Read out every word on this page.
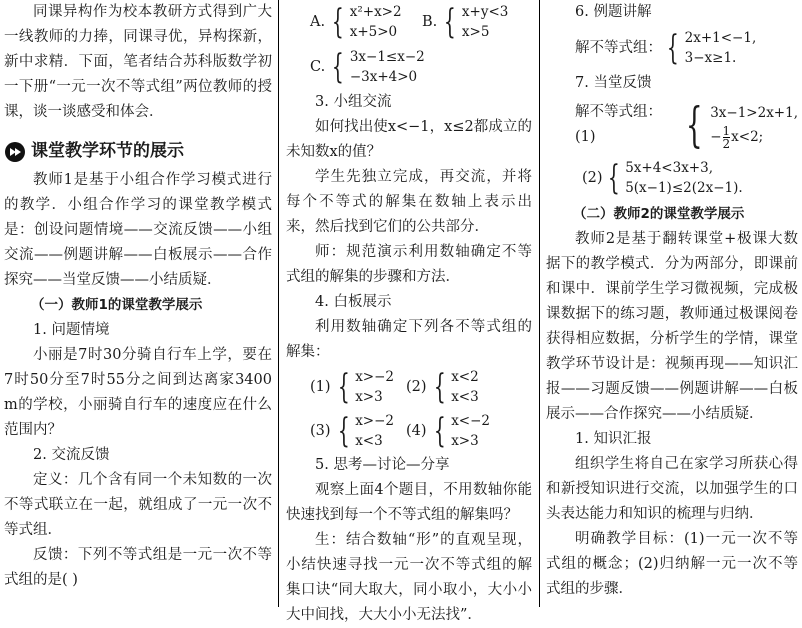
同课异构作为校本教研方式得到广大一线教师的力捧，同课寻优，异构探新，新中求精．下面，笔者结合苏科版数学初一下册“一元一次不等式组”两位教师的授课，谈一谈感受和体会．

课堂教学环节的展示

教师1是基于小组合作学习模式进行的教学．小组合作学习的课堂教学模式是：创设问题情境——交流反馈——小组交流——例题讲解——白板展示——合作探究——当堂反馈——小结质疑．

（一）教师1的课堂教学展示

1. 问题情境

小丽是7时30分骑自行车上学，要在7时50分至7时55分之间到达离家3400 m的学校，小丽骑自行车的速度应在什么范围内？

2. 交流反馈

定义：几个含有同一个未知数的一次不等式联立在一起，就组成了一元一次不等式组．

反馈：下列不等式组是一元一次不等式组的是( )

A. { x²+x>2
x+5>0
B. { x+y<3
x>5
C. { 3x−1≤x−2
−3x+4>0

3. 小组交流

如何找出使x<−1，x≤2都成立的未知数x的值？

学生先独立完成，再交流，并将每个不等式的解集在数轴上表示出来，然后找到它们的公共部分．

师：规范演示利用数轴确定不等式组的解集的步骤和方法．

4. 白板展示

利用数轴确定下列各不等式组的解集：

(1) { x>−2
x>3
(2) { x<2
x<3
(3) { x>−2
x<3
(4) { x<−2
x>3

5. 思考—讨论—分享

观察上面4个题目，不用数轴你能快速找到每一个不等式组的解集吗？

生：结合数轴“形”的直观呈现，小结快速寻找一元一次不等式组的解集口诀“同大取大，同小取小，大小小大中间找，大大小小无法找”．

6. 例题讲解

解不等式组： { 2x+1<−1,
3−x≥1.

7. 当堂反馈

解不等式组：(1)	{ 3x−1>2x+1,
− $\frac{1}{2} x<2$;
(2) { 5x+4<3x+3,
5(x−1)≤2(2x−1).

（二）教师2的课堂教学展示

教师2是基于翻转课堂+极课大数据下的教学模式．分为两部分，即课前和课中．课前学生学习微视频，完成极课数据下的练习题，教师通过极课阅卷获得相应数据，分析学生的学情，课堂教学环节设计是：视频再现——知识汇报——习题反馈——例题讲解——白板展示——合作探究——小结质疑．

1. 知识汇报

组织学生将自己在家学习所获心得和新授知识进行交流，以加强学生的口头表达能力和知识的梳理与归纳．

明确教学目标：(1)一元一次不等式组的概念；(2)归纳解一元一次不等式组的步骤．
